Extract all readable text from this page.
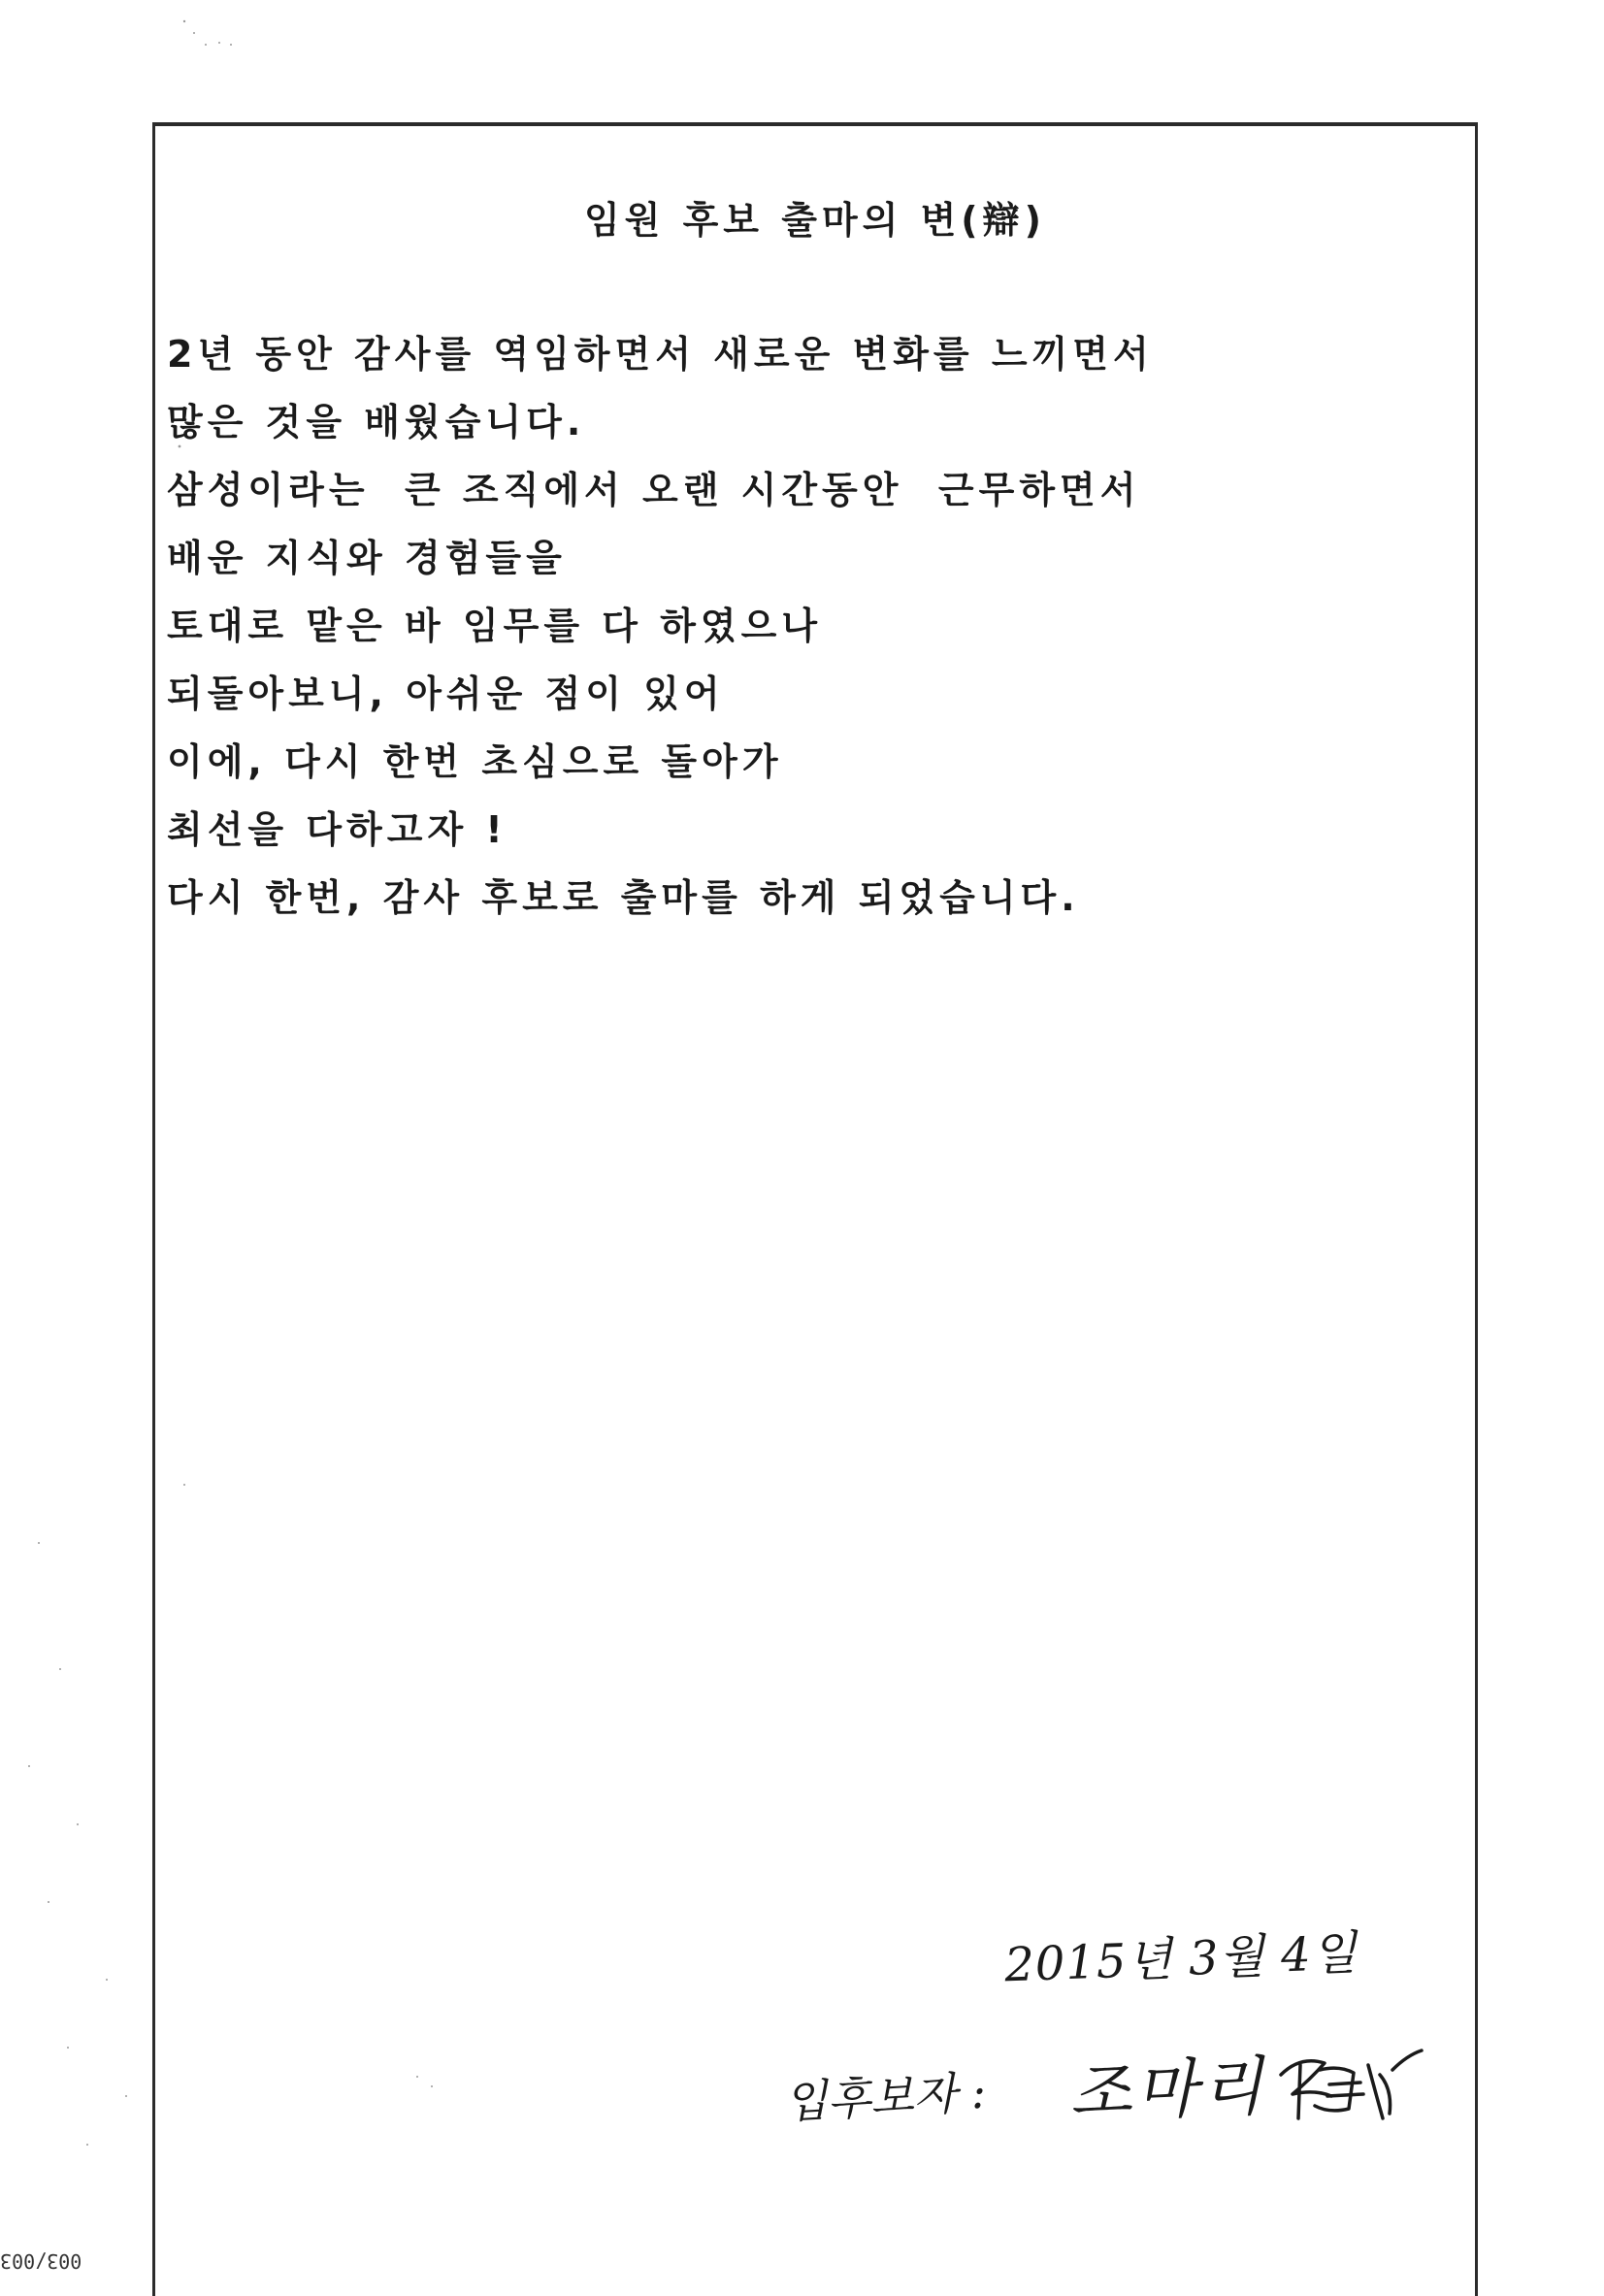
임원 후보 출마의 변(辯)
2년 동안 감사를 역임하면서 새로운 변화를 느끼면서
많은 것을 배웠습니다.
삼성이라는  큰 조직에서 오랜 시간동안  근무하면서
배운 지식와 경험들을
토대로 맡은 바 임무를 다 하였으나
되돌아보니, 아쉬운 점이 있어
이에, 다시 한번 초심으로 돌아가
최선을 다하고자 !
다시 한번, 감사 후보로 출마를 하게 되었습니다.
2015년 3월 4일
입후보자 : 조마리
003/003
